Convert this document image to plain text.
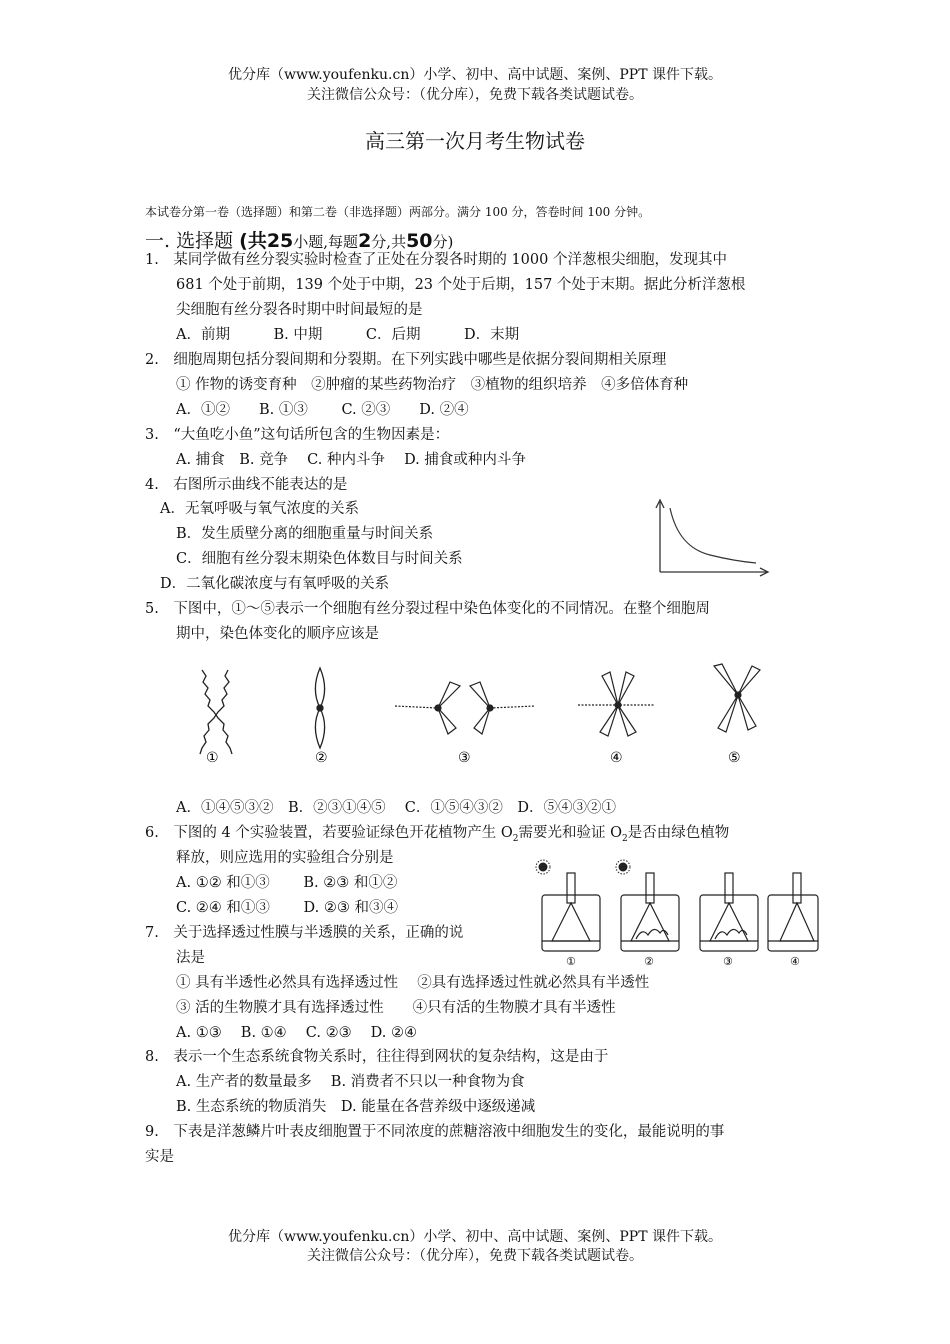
优分库（www.youfenku.cn）小学、初中、高中试题、案例、PPT 课件下载。
关注微信公众号：（优分库），免费下载各类试题试卷。
高三第一次月考生物试卷
本试卷分第一卷（选择题）和第二卷（非选择题）两部分。满分 100 分，答卷时间 100 分钟。
一. 选择题 (共25小题,每题2分,共50分)
1.　某同学做有丝分裂实验时检查了正处在分裂各时期的 1000 个洋葱根尖细胞，发现其中
681 个处于前期，139 个处于中期，23 个处于后期，157 个处于末期。据此分析洋葱根
尖细胞有丝分裂各时期中时间最短的是
A．前期　　　B. 中期　　　C．后期　　　D．末期
2.　细胞周期包括分裂间期和分裂期。在下列实践中哪些是依据分裂间期相关原理
① 作物的诱变育种　②肿瘤的某些药物治疗　③植物的组织培养　④多倍体育种
A．①②　　B. ①③　　 C. ②③　　D. ②④
3.　“大鱼吃小鱼”这句话所包含的生物因素是：
A. 捕食　B. 竞争　 C. 种内斗争　 D. 捕食或种内斗争
4.　右图所示曲线不能表达的是
A．无氧呼吸与氧气浓度的关系
B．发生质壁分离的细胞重量与时间关系
C．细胞有丝分裂末期染色体数目与时间关系
D．二氧化碳浓度与有氧呼吸的关系
5.　下图中，①～⑤表示一个细胞有丝分裂过程中染色体变化的不同情况。在整个细胞周
期中，染色体变化的顺序应该是
①	②	③	④	⑤
A．①④⑤③②　B．②③①④⑤　 C．①⑤④③②　D．⑤④③②①
6.　下图的 4 个实验装置，若要验证绿色开花植物产生 $O_2$需要光和验证 $O_2$是否由绿色植物
释放，则应选用的实验组合分别是
A. ①② 和①③　　 B. ②③ 和①②
C. ②④ 和①③　　 D. ②③ 和③④
①	②	③	④
7.　关于选择透过性膜与半透膜的关系，正确的说
法是
① 具有半透性必然具有选择透过性　 ②具有选择透过性就必然具有半透性
③ 活的生物膜才具有选择透过性　　④只有活的生物膜才具有半透性
A. ①③　 B. ①④　 C. ②③　 D. ②④
8.　表示一个生态系统食物关系时，往往得到网状的复杂结构，这是由于
A. 生产者的数量最多　 B. 消费者不只以一种食物为食
B. 生态系统的物质消失　D. 能量在各营养级中逐级递减
9.　下表是洋葱鳞片叶表皮细胞置于不同浓度的蔗糖溶液中细胞发生的变化，最能说明的事
实是
优分库（www.youfenku.cn）小学、初中、高中试题、案例、PPT 课件下载。
关注微信公众号：（优分库），免费下载各类试题试卷。
